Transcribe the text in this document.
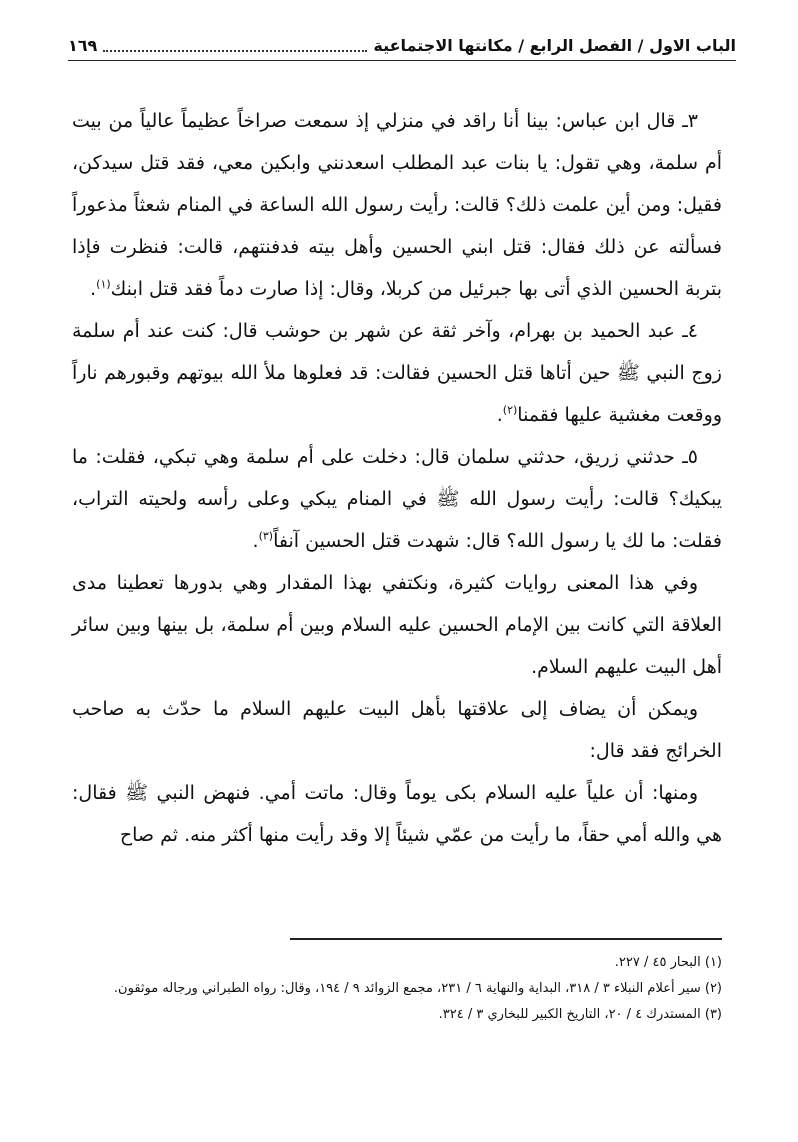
الباب الاول / الفصل الرابع / مكانتها الاجتماعية
١٦٩

٣ـ قال ابن عباس: بينا أنا راقد في منزلي إذ سمعت صراخاً عظيماً عالياً من بيت أم سلمة، وهي تقول: يا بنات عبد المطلب اسعدنني وابكين معي، فقد قتل سيدكن، فقيل: ومن أين علمت ذلك؟ قالت: رأيت رسول الله الساعة في المنام شعثاً مذعوراً فسألته عن ذلك فقال: قتل ابني الحسين وأهل بيته فدفنتهم، قالت: فنظرت فإذا بتربة الحسين الذي أتى بها جبرئيل من كربلا، وقال: إذا صارت دماً فقد قتل ابنك$^{(١)}$.

٤ـ عبد الحميد بن بهرام، وآخر ثقة عن شهر بن حوشب قال: كنت عند أم سلمة زوج النبي ﷺ حين أتاها قتل الحسين فقالت: قد فعلوها ملأ الله بيوتهم وقبورهم ناراً ووقعت مغشية عليها فقمنا$^{(٢)}$.

٥ـ حدثني زريق، حدثني سلمان قال: دخلت على أم سلمة وهي تبكي، فقلت: ما يبكيك؟ قالت: رأيت رسول الله ﷺ في المنام يبكي وعلى رأسه ولحيته التراب، فقلت: ما لك يا رسول الله؟ قال: شهدت قتل الحسين آنفاً$^{(٣)}$.

وفي هذا المعنى روايات كثيرة، ونكتفي بهذا المقدار وهي بدورها تعطينا مدى العلاقة التي كانت بين الإمام الحسين عليه السلام وبين أم سلمة، بل بينها وبين سائر أهل البيت عليهم السلام.

ويمكن أن يضاف إلى علاقتها بأهل البيت عليهم السلام ما حدّث به صاحب الخرائج فقد قال:

ومنها: أن علياً عليه السلام بكى يوماً وقال: ماتت أمي. فنهض النبي ﷺ فقال: هي والله أمي حقاً، ما رأيت من عمّي شيئاً إلا وقد رأيت منها أكثر منه. ثم صاح

(١) البحار ٤٥ / ٢٢٧.
(٢) سير أعلام النبلاء ٣ / ٣١٨، البداية والنهاية ٦ / ٢٣١، مجمع الزوائد ٩ / ١٩٤، وقال: رواه الطبراني ورجاله موثقون.
(٣) المستدرك ٤ / ٢٠، التاريخ الكبير للبخاري ٣ / ٣٢٤.
